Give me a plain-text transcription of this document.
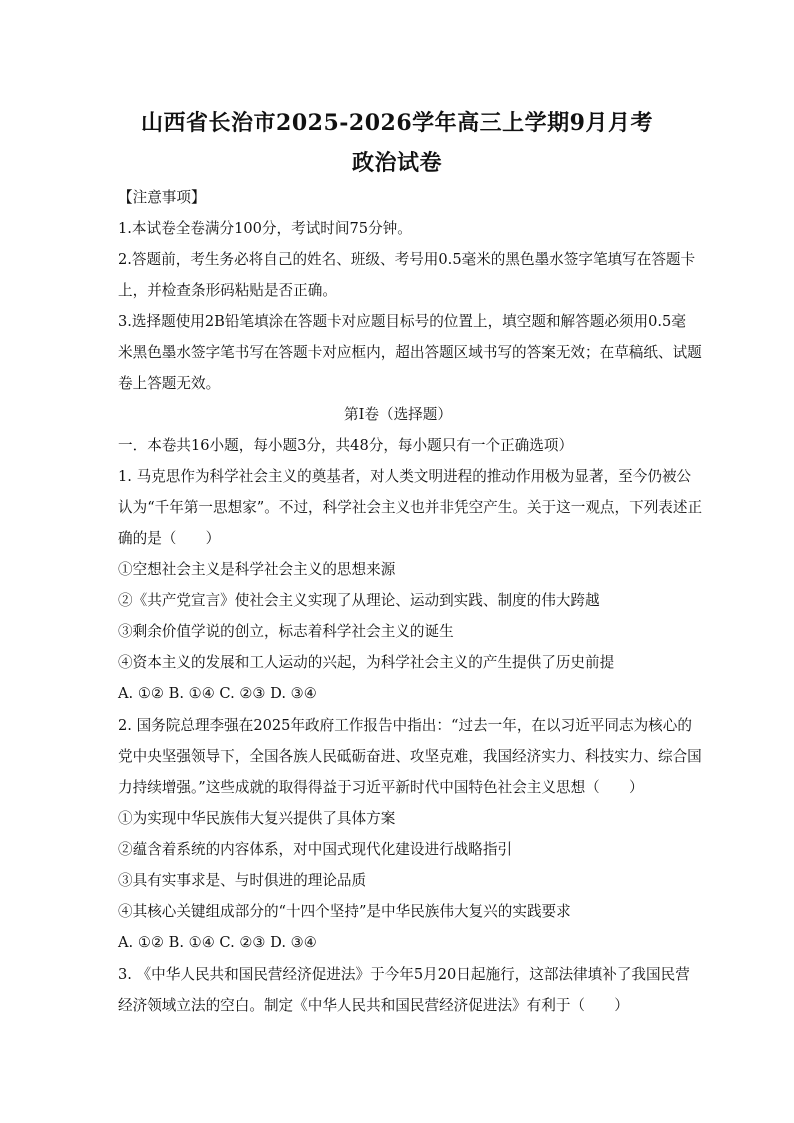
山西省长治市2025-2026学年高三上学期9月月考
政治试卷
【注意事项】
1.本试卷全卷满分100分，考试时间75分钟。
2.答题前，考生务必将自己的姓名、班级、考号用0.5毫米的黑色墨水签字笔填写在答题卡
上，并检查条形码粘贴是否正确。
3.选择题使用2B铅笔填涂在答题卡对应题目标号的位置上，填空题和解答题必须用0.5毫
米黑色墨水签字笔书写在答题卡对应框内，超出答题区域书写的答案无效；在草稿纸、试题
卷上答题无效。
第Ⅰ卷（选择题）
一．本卷共16小题，每小题3分，共48分，每小题只有一个正确选项）
1. 马克思作为科学社会主义的奠基者，对人类文明进程的推动作用极为显著，至今仍被公
认为“千年第一思想家”。不过，科学社会主义也并非凭空产生。关于这一观点，下列表述正
确的是（　　）
①空想社会主义是科学社会主义的思想来源
②《共产党宣言》使社会主义实现了从理论、运动到实践、制度的伟大跨越
③剩余价值学说的创立，标志着科学社会主义的诞生
④资本主义的发展和工人运动的兴起，为科学社会主义的产生提供了历史前提
A. ①② B. ①④ C. ②③ D. ③④
2. 国务院总理李强在2025年政府工作报告中指出：“过去一年，在以习近平同志为核心的
党中央坚强领导下，全国各族人民砥砺奋进、攻坚克难，我国经济实力、科技实力、综合国
力持续增强。”这些成就的取得得益于习近平新时代中国特色社会主义思想（　　）
①为实现中华民族伟大复兴提供了具体方案
②蕴含着系统的内容体系，对中国式现代化建设进行战略指引
③具有实事求是、与时俱进的理论品质
④其核心关键组成部分的“十四个坚持”是中华民族伟大复兴的实践要求
A. ①② B. ①④ C. ②③ D. ③④
3. 《中华人民共和国民营经济促进法》于今年5月20日起施行，这部法律填补了我国民营
经济领域立法的空白。制定《中华人民共和国民营经济促进法》有利于（　　）
